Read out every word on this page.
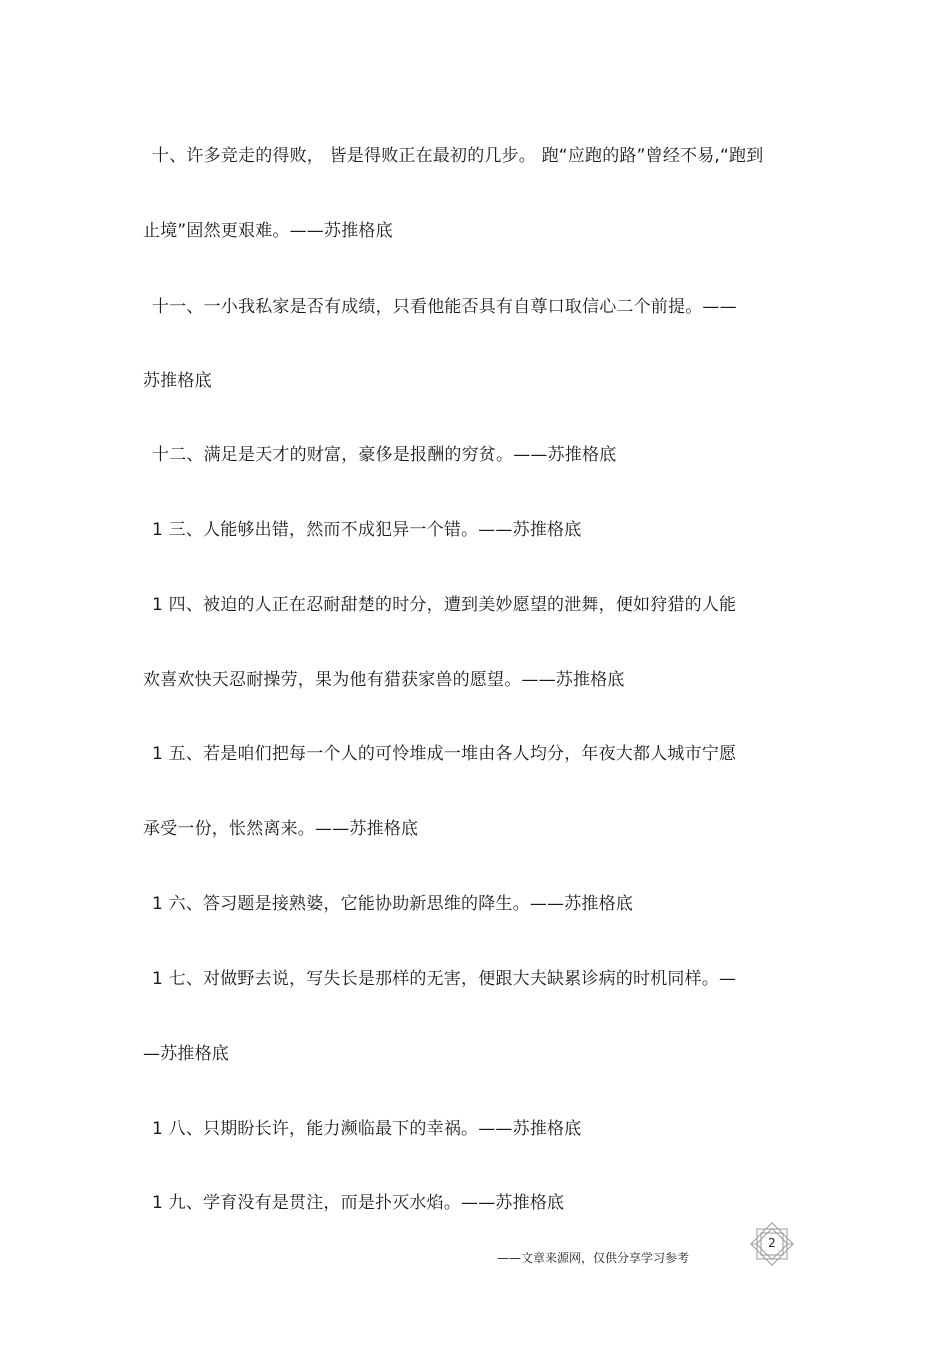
十、许多竞走的得败， 皆是得败正在最初的几步。 跑“应跑的路”曾经不易,“跑到
止境”固然更艰难。——苏推格底
十一、一小我私家是否有成绩，只看他能否具有自尊口取信心二个前提。——
苏推格底
十二、满足是天才的财富，豪侈是报酬的穷贫。——苏推格底
1 三、人能够出错，然而不成犯异一个错。——苏推格底
1 四、被迫的人正在忍耐甜楚的时分，遭到美妙愿望的泄舞，便如狩猎的人能
欢喜欢快天忍耐操劳，果为他有猎获家兽的愿望。——苏推格底
1 五、若是咱们把每一个人的可怜堆成一堆由各人均分，年夜大都人城市宁愿
承受一份，怅然离来。——苏推格底
1 六、答习题是接熟婆，它能协助新思维的降生。——苏推格底
1 七、对做野去说，写失长是那样的无害，便跟大夫缺累诊病的时机同样。—
—苏推格底
1 八、只期盼长许，能力濒临最下的幸祸。——苏推格底
1 九、学育没有是贯注，而是扑灭水焰。——苏推格底
——文章来源网，仅供分享学习参考
2
